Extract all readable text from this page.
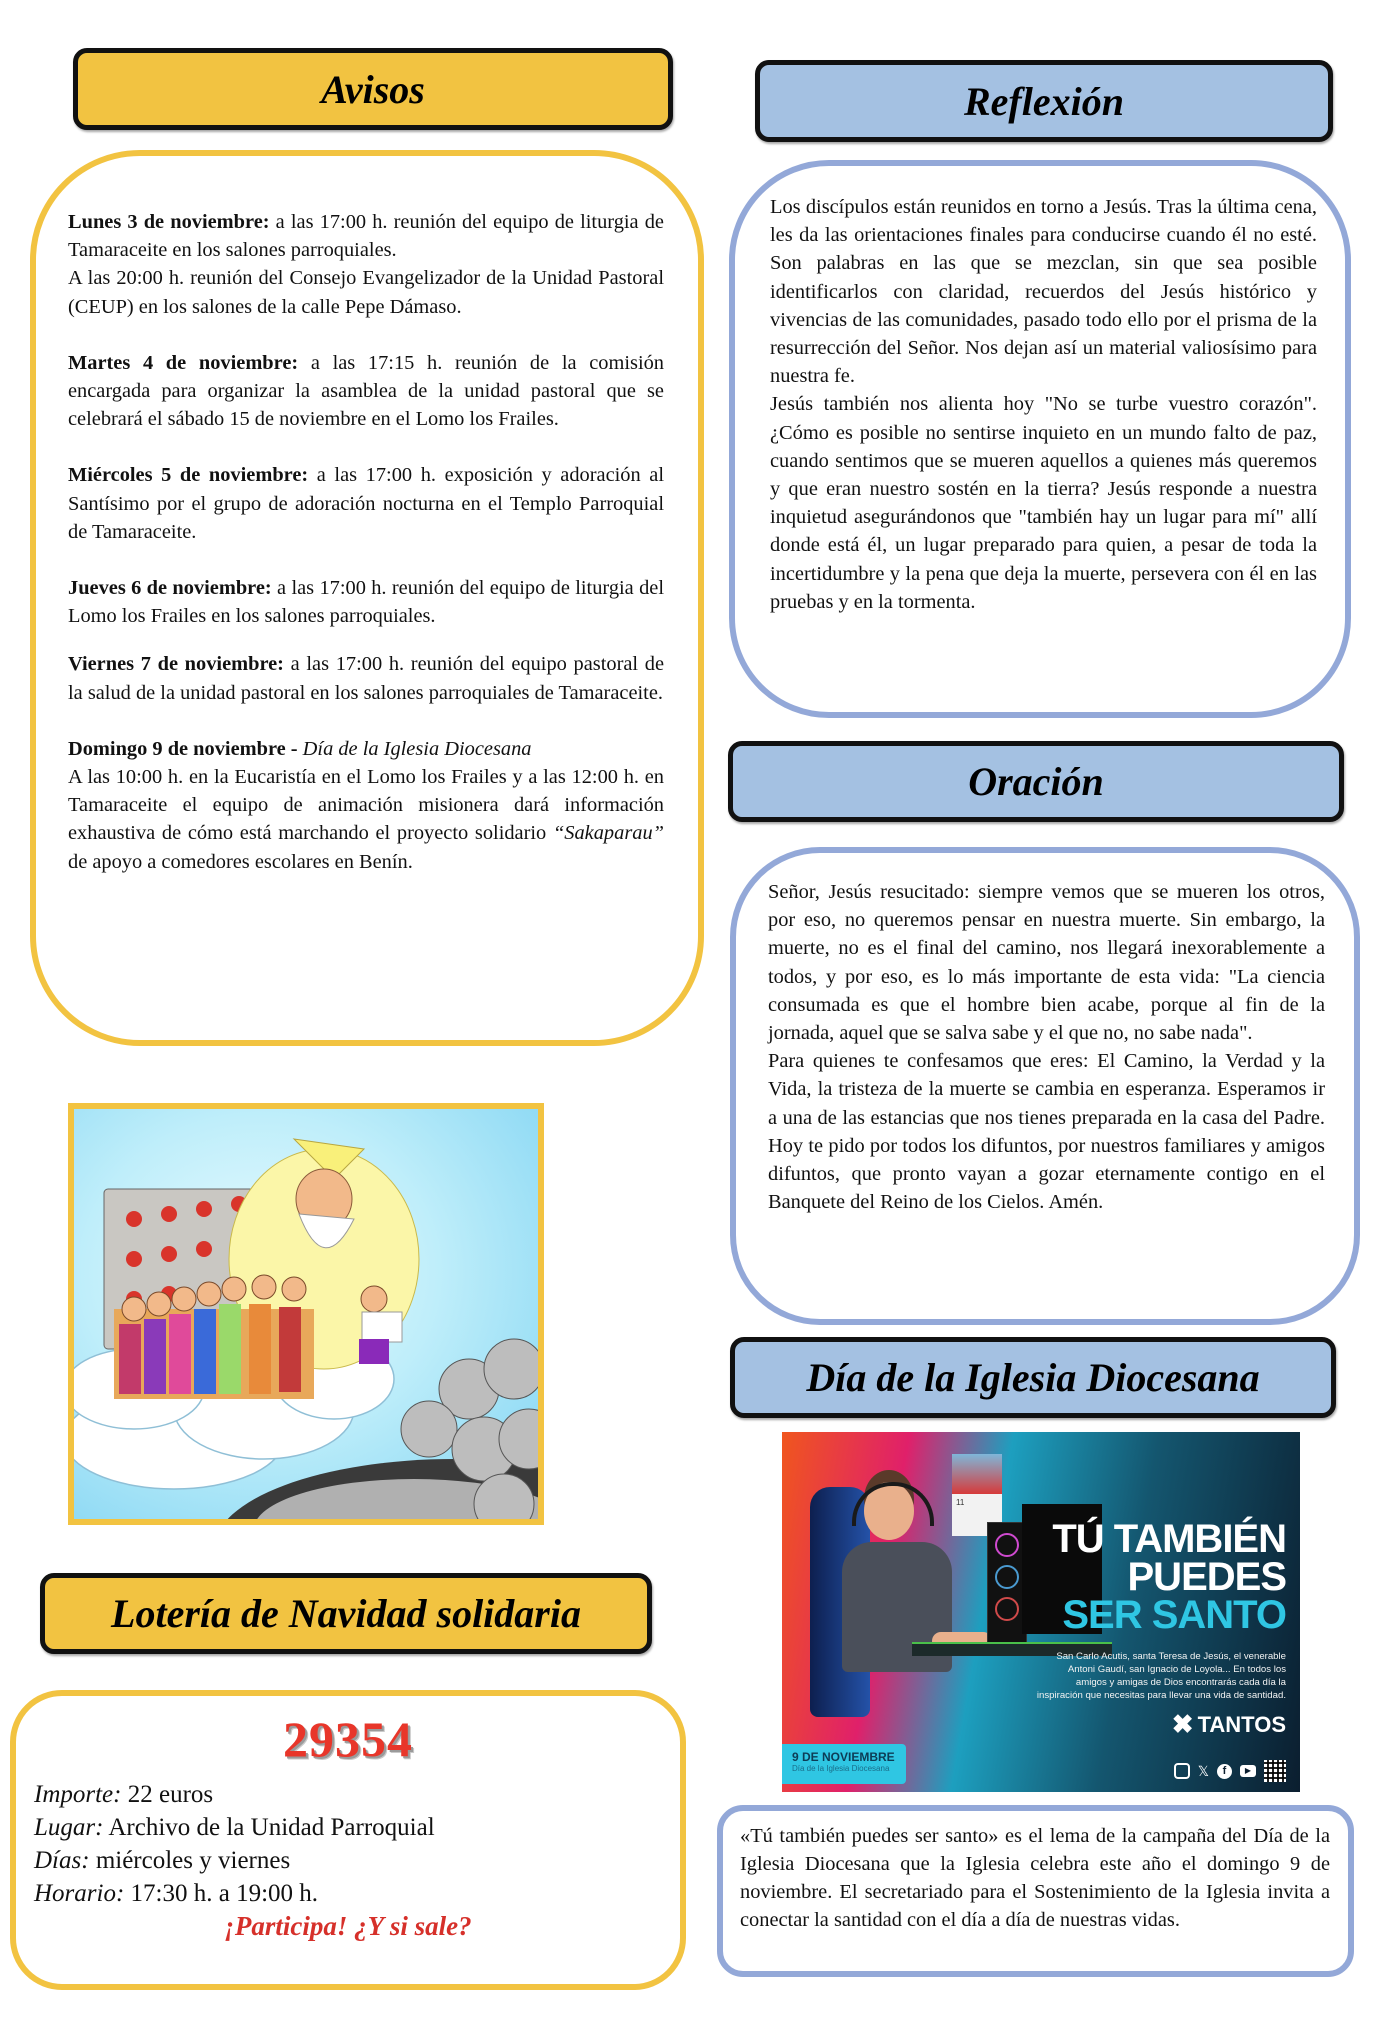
Avisos

Lunes 3 de noviembre: a las 17:00 h. reunión del equipo de liturgia de Tamaraceite en los salones parroquiales.

A las 20:00 h. reunión del Consejo Evangelizador de la Unidad Pastoral (CEUP) en los salones de la calle Pepe Dámaso.

Martes 4 de noviembre: a las 17:15 h. reunión de la comisión encargada para organizar la asamblea de la unidad pastoral que se celebrará el sábado 15 de noviembre en el Lomo los Frailes.

Miércoles 5 de noviembre: a las 17:00 h. exposición y adoración al Santísimo por el grupo de adoración nocturna en el Templo Parroquial de Tamaraceite.

Jueves 6 de noviembre: a las 17:00 h. reunión del equipo de liturgia del Lomo los Frailes en los salones parroquiales.

Viernes 7 de noviembre: a las 17:00 h. reunión del equipo pastoral de la salud de la unidad pastoral en los salones parroquiales de Tamaraceite.

Domingo 9 de noviembre - Día de la Iglesia Diocesana

A las 10:00 h. en la Eucaristía en el Lomo los Frailes y a las 12:00 h. en Tamaraceite el equipo de animación misionera dará información exhaustiva de cómo está marchando el proyecto solidario “Sakaparau” de apoyo a comedores escolares en Benín.

Lotería de Navidad solidaria
29354
Importe: 22 euros
Lugar: Archivo de la Unidad Parroquial
Días: miércoles y viernes
Horario: 17:30 h. a 19:00 h.
¡Participa! ¿Y si sale?
Reflexión

Los discípulos están reunidos en torno a Jesús. Tras la última cena, les da las orientaciones finales para conducirse cuando él no esté. Son palabras en las que se mezclan, sin que sea posible identificarlos con claridad, recuerdos del Jesús histórico y vivencias de las comunidades, pasado todo ello por el prisma de la resurrección del Señor. Nos dejan así un material valiosísimo para nuestra fe.

Jesús también nos alienta hoy "No se turbe vuestro corazón". ¿Cómo es posible no sentirse inquieto en un mundo falto de paz, cuando sentimos que se mueren aquellos a quienes más queremos y que eran nuestro sostén en la tierra? Jesús responde a nuestra inquietud asegurándonos que "también hay un lugar para mí" allí donde está él, un lugar preparado para quien, a pesar de toda la incertidumbre y la pena que deja la muerte, persevera con él en las pruebas y en la tormenta.

Oración

Señor, Jesús resucitado: siempre vemos que se mueren los otros, por eso, no queremos pensar en nuestra muerte. Sin embargo, la muerte, no es el final del camino, nos llegará inexorablemente a todos, y por eso, es lo más importante de esta vida: "La ciencia consumada es que el hombre bien acabe, porque al fin de la jornada, aquel que se salva sabe y el que no, no sabe nada".

Para quienes te confesamos que eres: El Camino, la Verdad y la Vida, la tristeza de la muerte se cambia en esperanza. Esperamos ir a una de las estancias que nos tienes preparada en la casa del Padre. Hoy te pido por todos los difuntos, por nuestros familiares y amigos difuntos, que pronto vayan a gozar eternamente contigo en el Banquete del Reino de los Cielos. Amén.

Día de la Iglesia Diocesana
11
TÚ TAMBIÉN
PUEDES
SER SANTO
San Carlo Acutis, santa Teresa de Jesús, el venerable Antoni Gaudí, san Ignacio de Loyola... En todos los amigos y amigas de Dios encontrarás cada día la inspiración que necesitas para llevar una vida de santidad.
✖ TANTOS
9 DE NOVIEMBRE
Día de la Iglesia Diocesana	𝕏	f	▶
«Tú también puedes ser santo» es el lema de la campaña del Día de la Iglesia Diocesana que la Iglesia celebra este año el domingo 9 de noviembre. El secretariado para el Sostenimiento de la Iglesia invita a conectar la santidad con el día a día de nuestras vidas.
